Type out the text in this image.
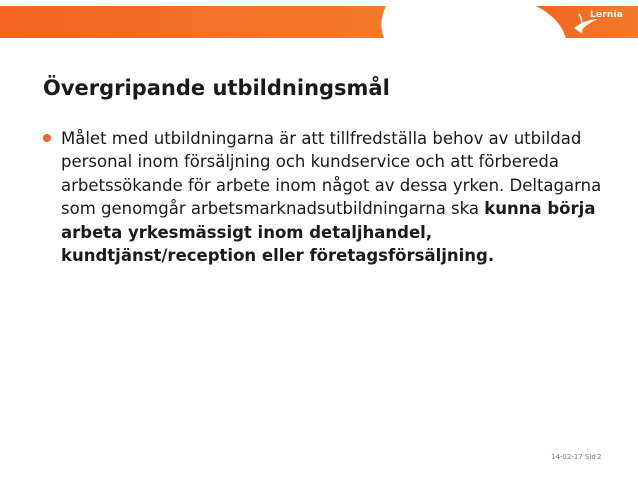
Lernia
Övergripande utbildningsmål

Målet med utbildningarna är att tillfredställa behov av utbildad personal inom försäljning och kundservice och att förbereda arbetssökande för arbete inom något av dessa yrken. Deltagarna som genomgår arbetsmarknadsutbildningarna ska kunna börja arbeta yrkesmässigt inom detaljhandel, kundtjänst/reception eller företagsförsäljning.

14-02-17 Sid 2
